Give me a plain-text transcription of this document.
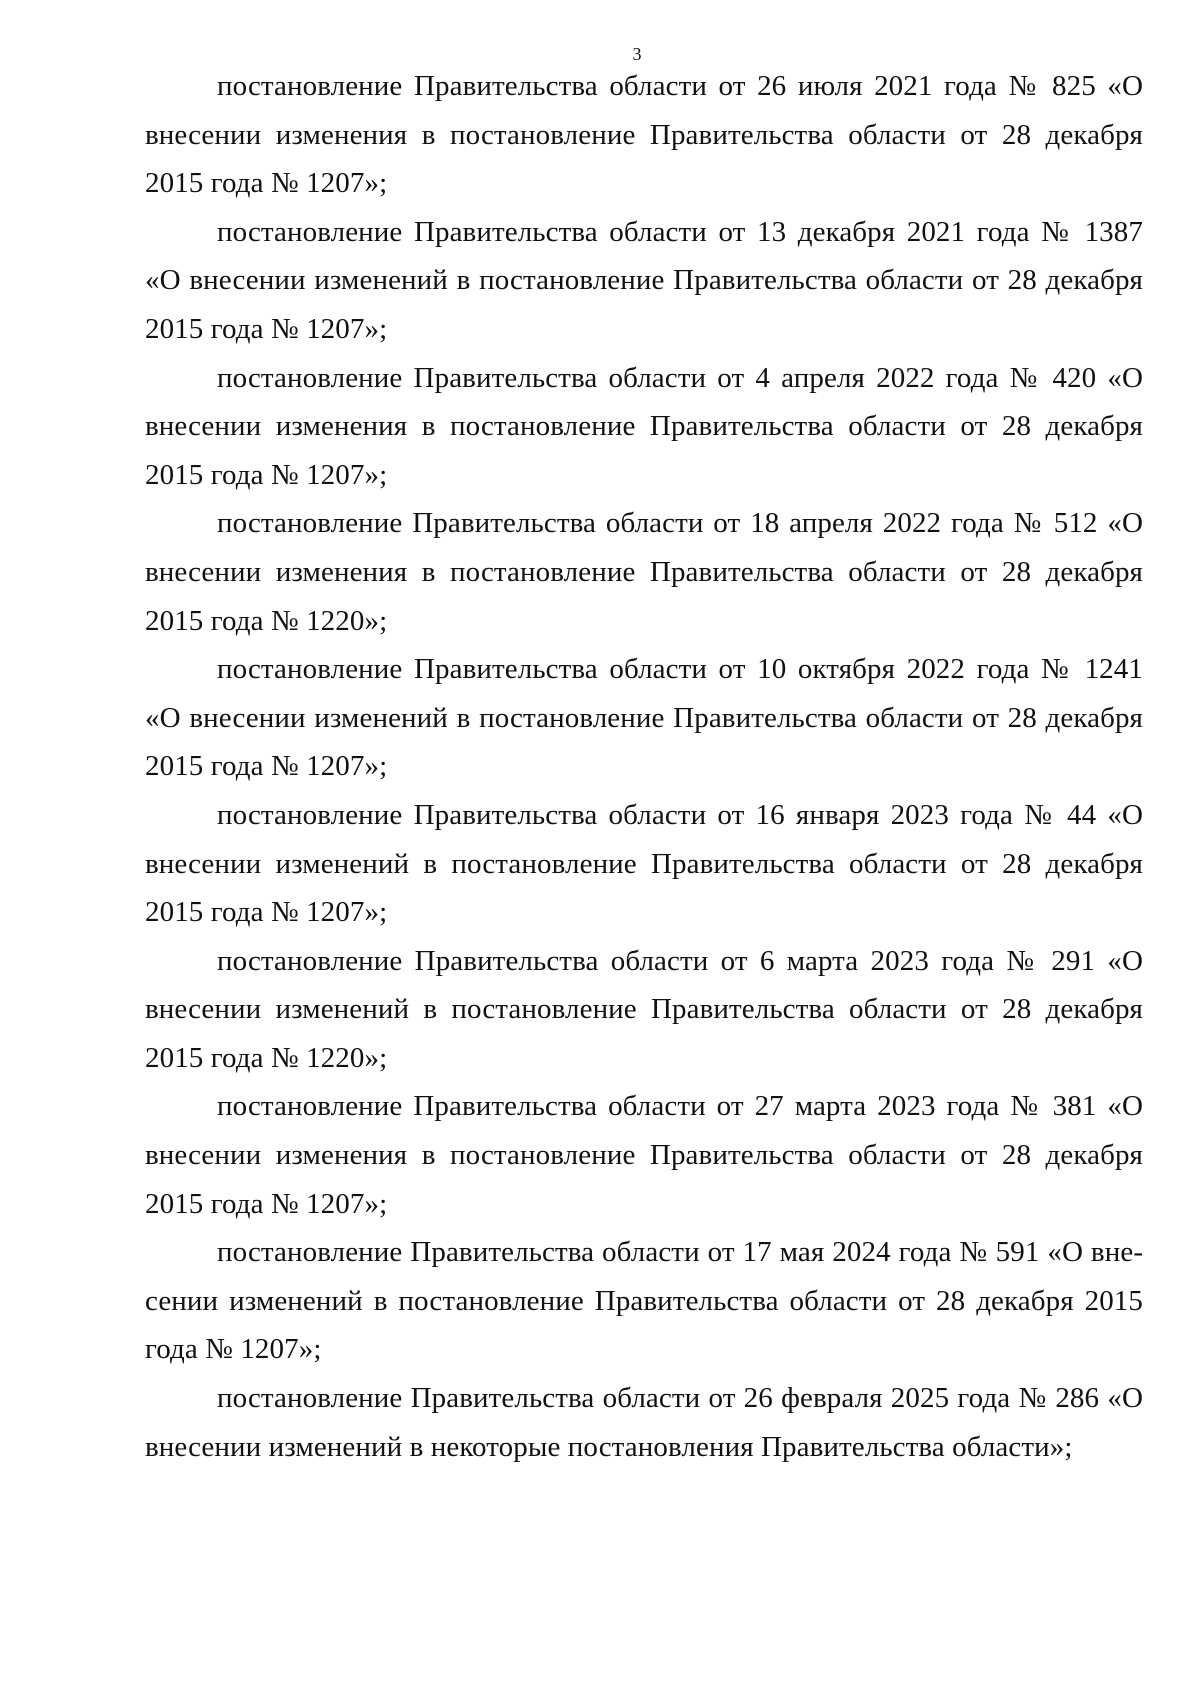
3

постановление Правительства области от 26 июля 2021 года № 825 «О внесении изменения в постановление Правительства области от 28 декабря 2015 года № 1207»;

постановление Правительства области от 13 декабря 2021 года № 1387 «О внесении изменений в постановление Правительства области от 28 декабря 2015 года № 1207»;

постановление Правительства области от 4 апреля 2022 года № 420 «О внесении изменения в постановление Правительства области от 28 декабря 2015 года № 1207»;

постановление Правительства области от 18 апреля 2022 года № 512 «О внесении изменения в постановление Правительства области от 28 декабря 2015 года № 1220»;

постановление Правительства области от 10 октября 2022 года № 1241 «О внесении изменений в постановление Правительства области от 28 декабря 2015 года № 1207»;

постановление Правительства области от 16 января 2023 года № 44 «О внесении изменений в постановление Правительства области от 28 декабря 2015 года № 1207»;

постановление Правительства области от 6 марта 2023 года № 291 «О внесении изменений в постановление Правительства области от 28 декабря 2015 года № 1220»;

постановление Правительства области от 27 марта 2023 года № 381 «О внесении изменения в постановление Правительства области от 28 декабря 2015 года № 1207»;

постановление Правительства области от 17 мая 2024 года № 591 «О внесении изменений в постановление Правительства области от 28 декабря 2015 года № 1207»;

постановление Правительства области от 26 февраля 2025 года № 286 «О внесении изменений в некоторые постановления Правительства области»;
